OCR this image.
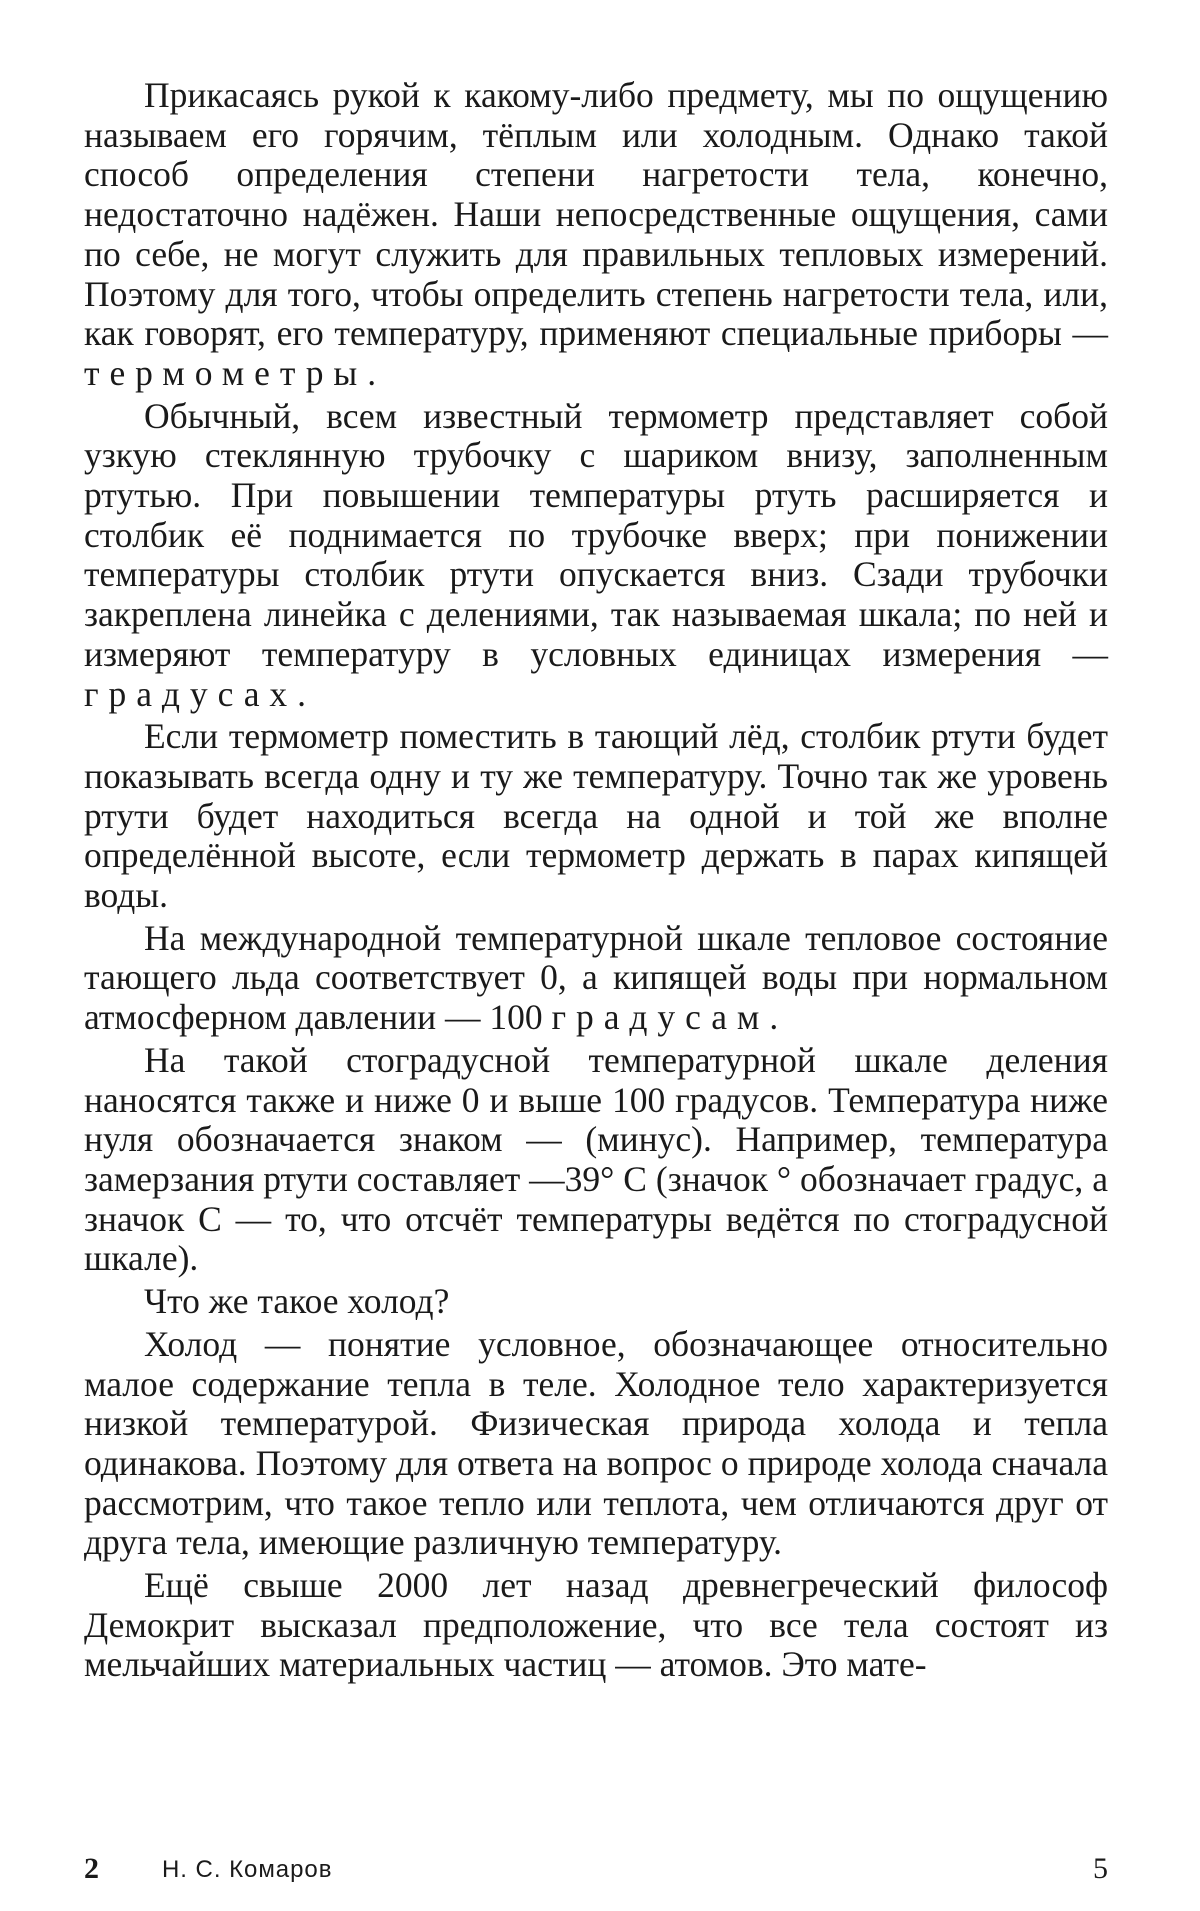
Прикасаясь рукой к какому-либо предмету, мы по ощущению называем его горячим, тёплым или холодным. Однако такой способ определения степени нагретости тела, конечно, недостаточно надёжен. Наши непосредственные ощущения, сами по себе, не могут служить для правильных тепловых измерений. Поэтому для того, чтобы определить степень нагретости тела, или, как говорят, его температуру, применяют специальные приборы — термометры.

Обычный, всем известный термометр представляет собой узкую стеклянную трубочку с шариком внизу, заполненным ртутью. При повышении температуры ртуть расширяется и столбик её поднимается по трубочке вверх; при понижении температуры столбик ртути опускается вниз. Сзади трубочки закреплена линейка с делениями, так называемая шкала; по ней и измеряют температуру в условных единицах измерения — градусах.

Если термометр поместить в тающий лёд, столбик ртути будет показывать всегда одну и ту же температуру. Точно так же уровень ртути будет находиться всегда на одной и той же вполне определённой высоте, если термометр держать в парах кипящей воды.

На международной температурной шкале тепловое состояние тающего льда соответствует 0, а кипящей воды при нормальном атмосферном давлении — 100 градусам.

На такой стоградусной температурной шкале деления наносятся также и ниже 0 и выше 100 градусов. Температура ниже нуля обозначается знаком — (минус). Например, температура замерзания ртути составляет —39° С (значок ° обозначает градус, а значок С — то, что отсчёт температуры ведётся по стоградусной шкале).

Что же такое холод?

Холод — понятие условное, обозначающее относительно малое содержание тепла в теле. Холодное тело характеризуется низкой температурой. Физическая природа холода и тепла одинакова. Поэтому для ответа на вопрос о природе холода сначала рассмотрим, что такое тепло или теплота, чем отличаются друг от друга тела, имеющие различную температуру.

Ещё свыше 2000 лет назад древнегреческий философ Демокрит высказал предположение, что все тела состоят из мельчайших материальных частиц — атомов. Это мате-

2	Н. С. Комаров	5
